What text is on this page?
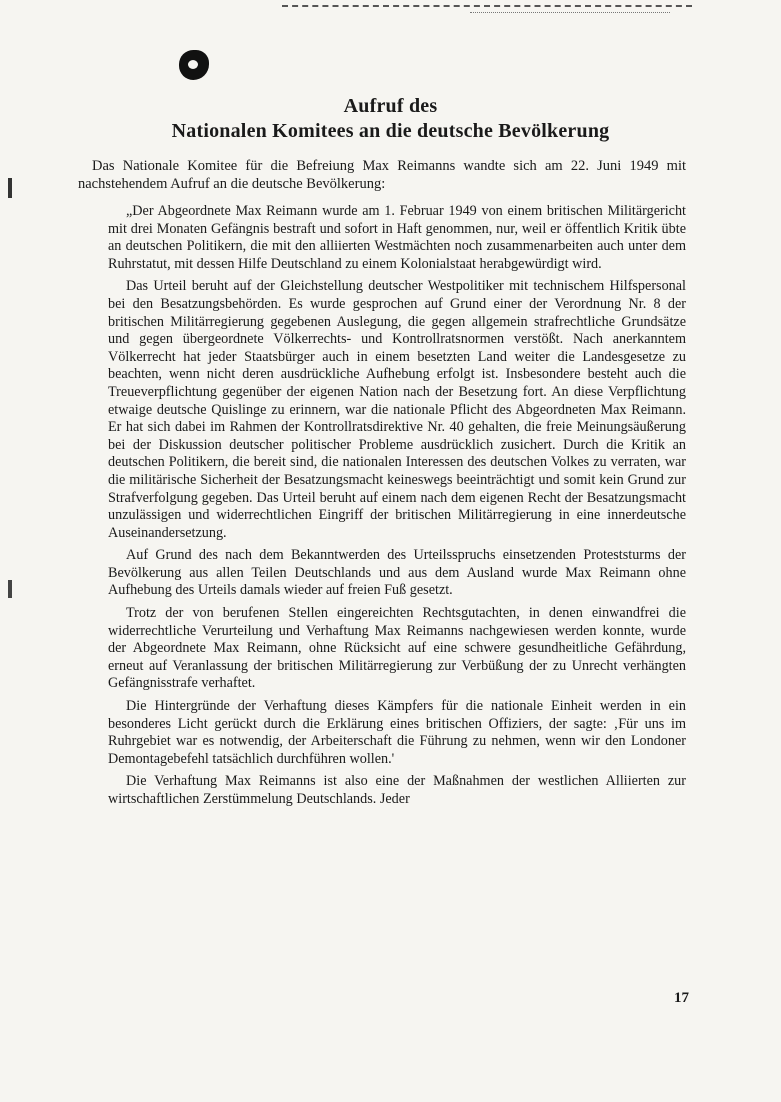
Aufruf des
Nationalen Komitees an die deutsche Bevölkerung
Das Nationale Komitee für die Befreiung Max Reimanns wandte sich am 22. Juni 1949 mit nachstehendem Aufruf an die deutsche Bevölkerung:

„Der Abgeordnete Max Reimann wurde am 1. Februar 1949 von einem britischen Militärgericht mit drei Monaten Gefängnis bestraft und sofort in Haft genommen, nur, weil er öffentlich Kritik übte an deutschen Politikern, die mit den alliierten Westmächten noch zusammenarbeiten auch unter dem Ruhrstatut, mit dessen Hilfe Deutschland zu einem Kolonialstaat herabgewürdigt wird.

Das Urteil beruht auf der Gleichstellung deutscher Westpolitiker mit technischem Hilfspersonal bei den Besatzungsbehörden. Es wurde gesprochen auf Grund einer der Verordnung Nr. 8 der britischen Militärregierung gegebenen Auslegung, die gegen allgemein strafrechtliche Grundsätze und gegen übergeordnete Völkerrechts- und Kontrollratsnormen verstößt. Nach anerkanntem Völkerrecht hat jeder Staatsbürger auch in einem besetzten Land weiter die Landesgesetze zu beachten, wenn nicht deren ausdrückliche Aufhebung erfolgt ist. Insbesondere besteht auch die Treueverpflichtung gegenüber der eigenen Nation nach der Besetzung fort. An diese Verpflichtung etwaige deutsche Quislinge zu erinnern, war die nationale Pflicht des Abgeordneten Max Reimann. Er hat sich dabei im Rahmen der Kontrollratsdirektive Nr. 40 gehalten, die freie Meinungsäußerung bei der Diskussion deutscher politischer Probleme ausdrücklich zusichert. Durch die Kritik an deutschen Politikern, die bereit sind, die nationalen Interessen des deutschen Volkes zu verraten, war die militärische Sicherheit der Besatzungsmacht keineswegs beeinträchtigt und somit kein Grund zur Strafverfolgung gegeben. Das Urteil beruht auf einem nach dem eigenen Recht der Besatzungsmacht unzulässigen und widerrechtlichen Eingriff der britischen Militärregierung in eine innerdeutsche Auseinandersetzung.

Auf Grund des nach dem Bekanntwerden des Urteilsspruchs einsetzenden Proteststurms der Bevölkerung aus allen Teilen Deutschlands und aus dem Ausland wurde Max Reimann ohne Aufhebung des Urteils damals wieder auf freien Fuß gesetzt.

Trotz der von berufenen Stellen eingereichten Rechtsgutachten, in denen einwandfrei die widerrechtliche Verurteilung und Verhaftung Max Reimanns nachgewiesen werden konnte, wurde der Abgeordnete Max Reimann, ohne Rücksicht auf eine schwere gesundheitliche Gefährdung, erneut auf Veranlassung der britischen Militärregierung zur Verbüßung der zu Unrecht verhängten Gefängnisstrafe verhaftet.

Die Hintergründe der Verhaftung dieses Kämpfers für die nationale Einheit werden in ein besonderes Licht gerückt durch die Erklärung eines britischen Offiziers, der sagte: ‚Für uns im Ruhrgebiet war es notwendig, der Arbeiterschaft die Führung zu nehmen, wenn wir den Londoner Demontagebefehl tatsächlich durchführen wollen.'

Die Verhaftung Max Reimanns ist also eine der Maßnahmen der westlichen Alliierten zur wirtschaftlichen Zerstümmelung Deutschlands. Jeder

17
